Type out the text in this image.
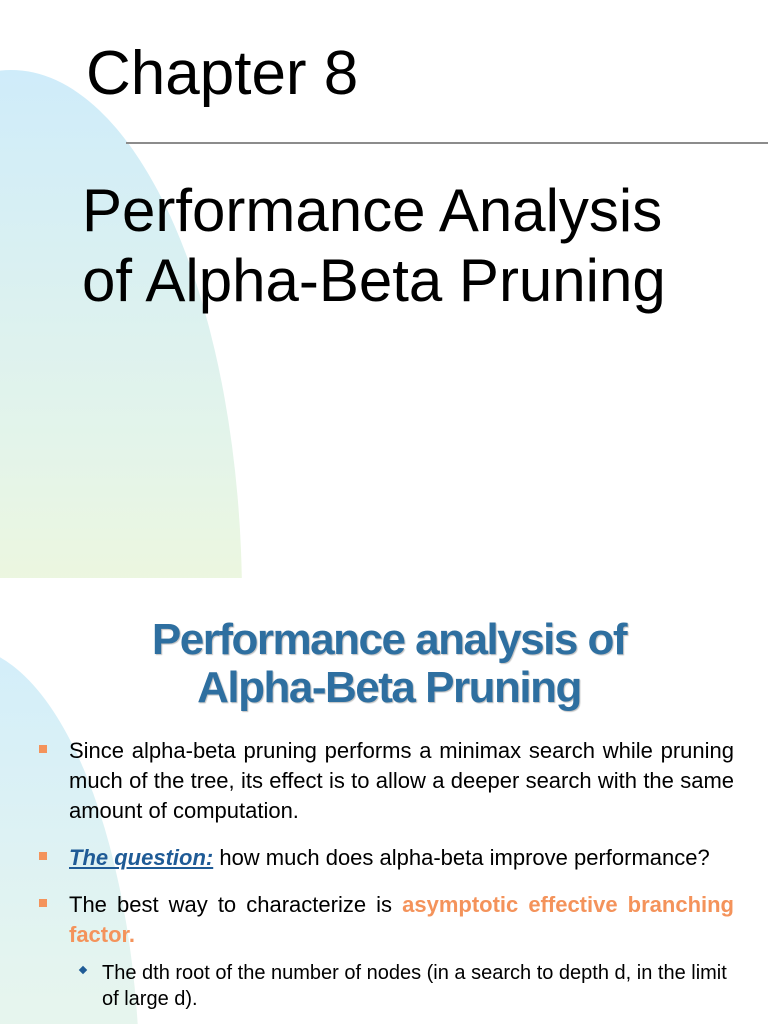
Chapter 8
Performance Analysis
of Alpha-Beta Pruning
Performance analysis of
Alpha-Beta Pruning
Since alpha-beta pruning performs a minimax search while pruning much of the tree, its effect is to allow a deeper search with the same amount of computation.
The question: how much does alpha-beta improve performance?
The best way to characterize is asymptotic effective branching factor.
The dth root of the number of nodes (in a search to depth d, in the limit of large d).
